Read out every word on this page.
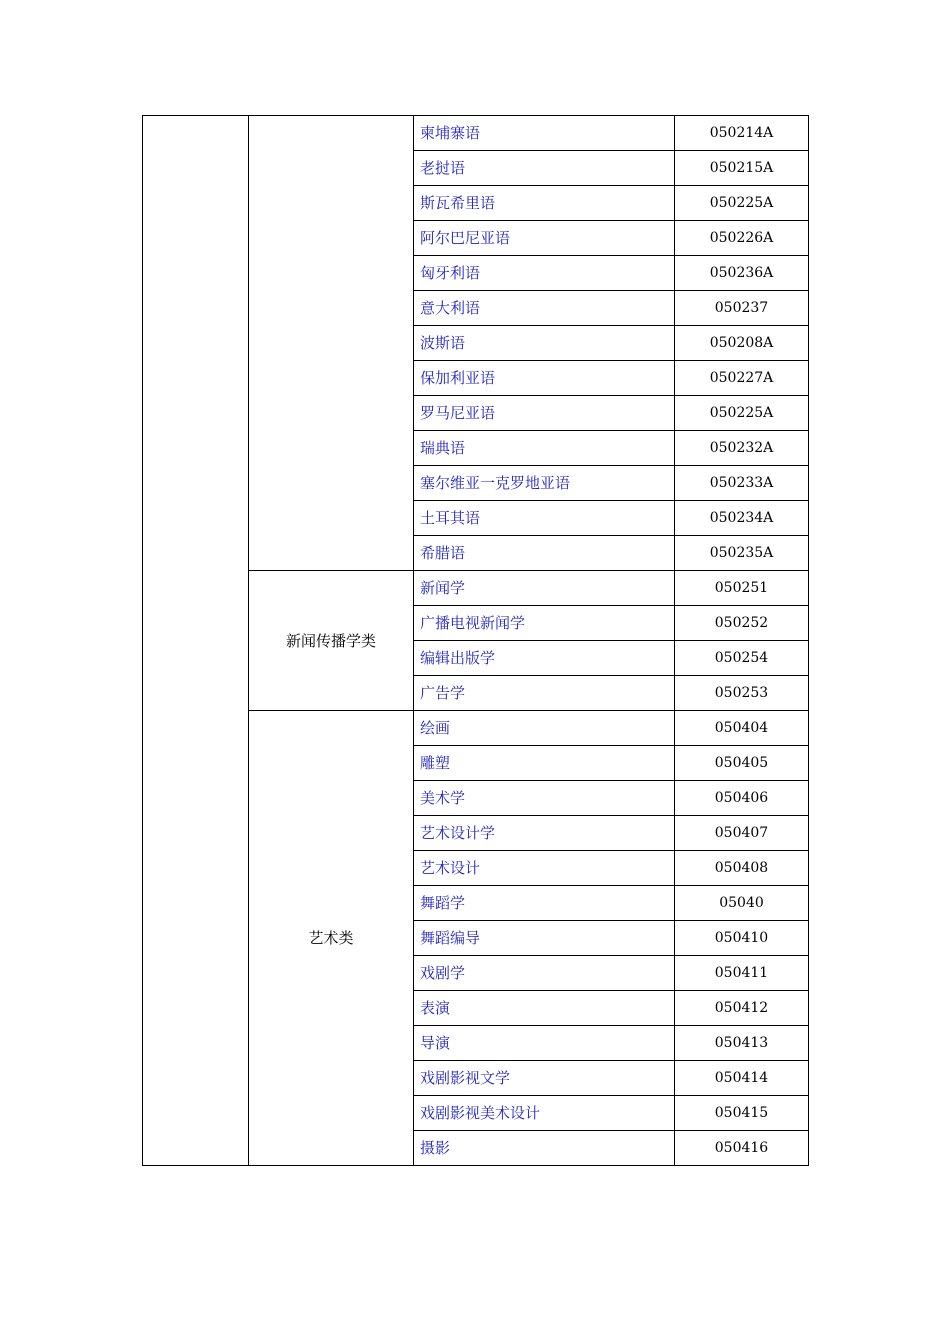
		柬埔寨语	050214A
		老挝语	050215A
		斯瓦希里语	050225A
		阿尔巴尼亚语	050226A
		匈牙利语	050236A
		意大利语	050237
		波斯语	050208A
		保加利亚语	050227A
		罗马尼亚语	050225A
		瑞典语	050232A
		塞尔维亚一克罗地亚语	050233A
		土耳其语	050234A
		希腊语	050235A
	新闻传播学类	新闻学	050251
		广播电视新闻学	050252
		编辑出版学	050254
		广告学	050253
	艺术类	绘画	050404
		雕塑	050405
		美术学	050406
		艺术设计学	050407
		艺术设计	050408
		舞蹈学	05040
		舞蹈编导	050410
		戏剧学	050411
		表演	050412
		导演	050413
		戏剧影视文学	050414
		戏剧影视美术设计	050415
		摄影	050416
